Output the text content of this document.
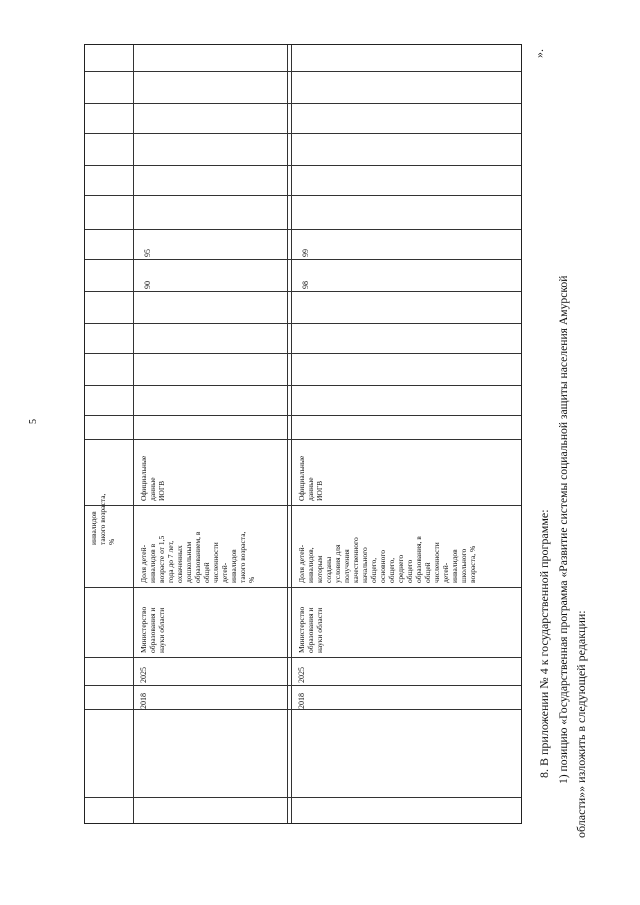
5
инвалидов
такого возраста,
%
2018
2025
Министерство
образования и
науки области
Доля детей-
инвалидов в
возрасте от 1,5
года до 7 лет,
охваченных
дошкольным
образованием, в
общей
численности
детей-
инвалидов
такого возраста,
%
Официальные
данные
ИОГВ
90
95
2018
2025
Министерство
образования и
науки области
Доля детей-
инвалидов,
которым
созданы
условия для
получения
качественного
начального
общего,
основного
общего,
среднего
общего
образования, в
общей
численности
детей-
инвалидов
школьного
возраста, %
Официальные
данные
ИОГВ
98
99
».
8. В приложении № 4 к государственной программе: 1) позицию «Государственная программа «Развитие системы социальной защиты населения Амурской области»» изложить в следующей редакции:
